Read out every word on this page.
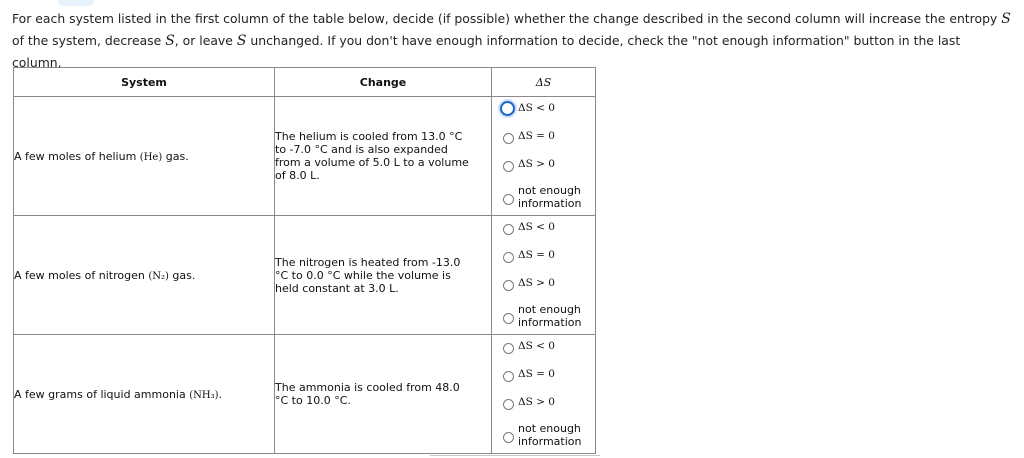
For each system listed in the first column of the table below, decide (if possible) whether the change described in the second column will increase the entropy S of the system, decrease S, or leave S unchanged. If you don't have enough information to decide, check the "not enough information" button in the last column.
System	Change	ΔS
A few moles of helium (He) gas.	The helium is cooled from 13.0 °C to -7.0 °C and is also expanded from a volume of 5.0 L to a volume of 8.0 L.	ΔS < 0
ΔS = 0
ΔS > 0
not enough
information

A few moles of nitrogen (N₂) gas.	The nitrogen is heated from -13.0 °C to 0.0 °C while the volume is held constant at 3.0 L.	ΔS < 0
ΔS = 0
ΔS > 0
not enough
information

A few grams of liquid ammonia (NH₃).	The ammonia is cooled from 48.0 °C to 10.0 °C.	ΔS < 0
ΔS = 0
ΔS > 0
not enough
information
